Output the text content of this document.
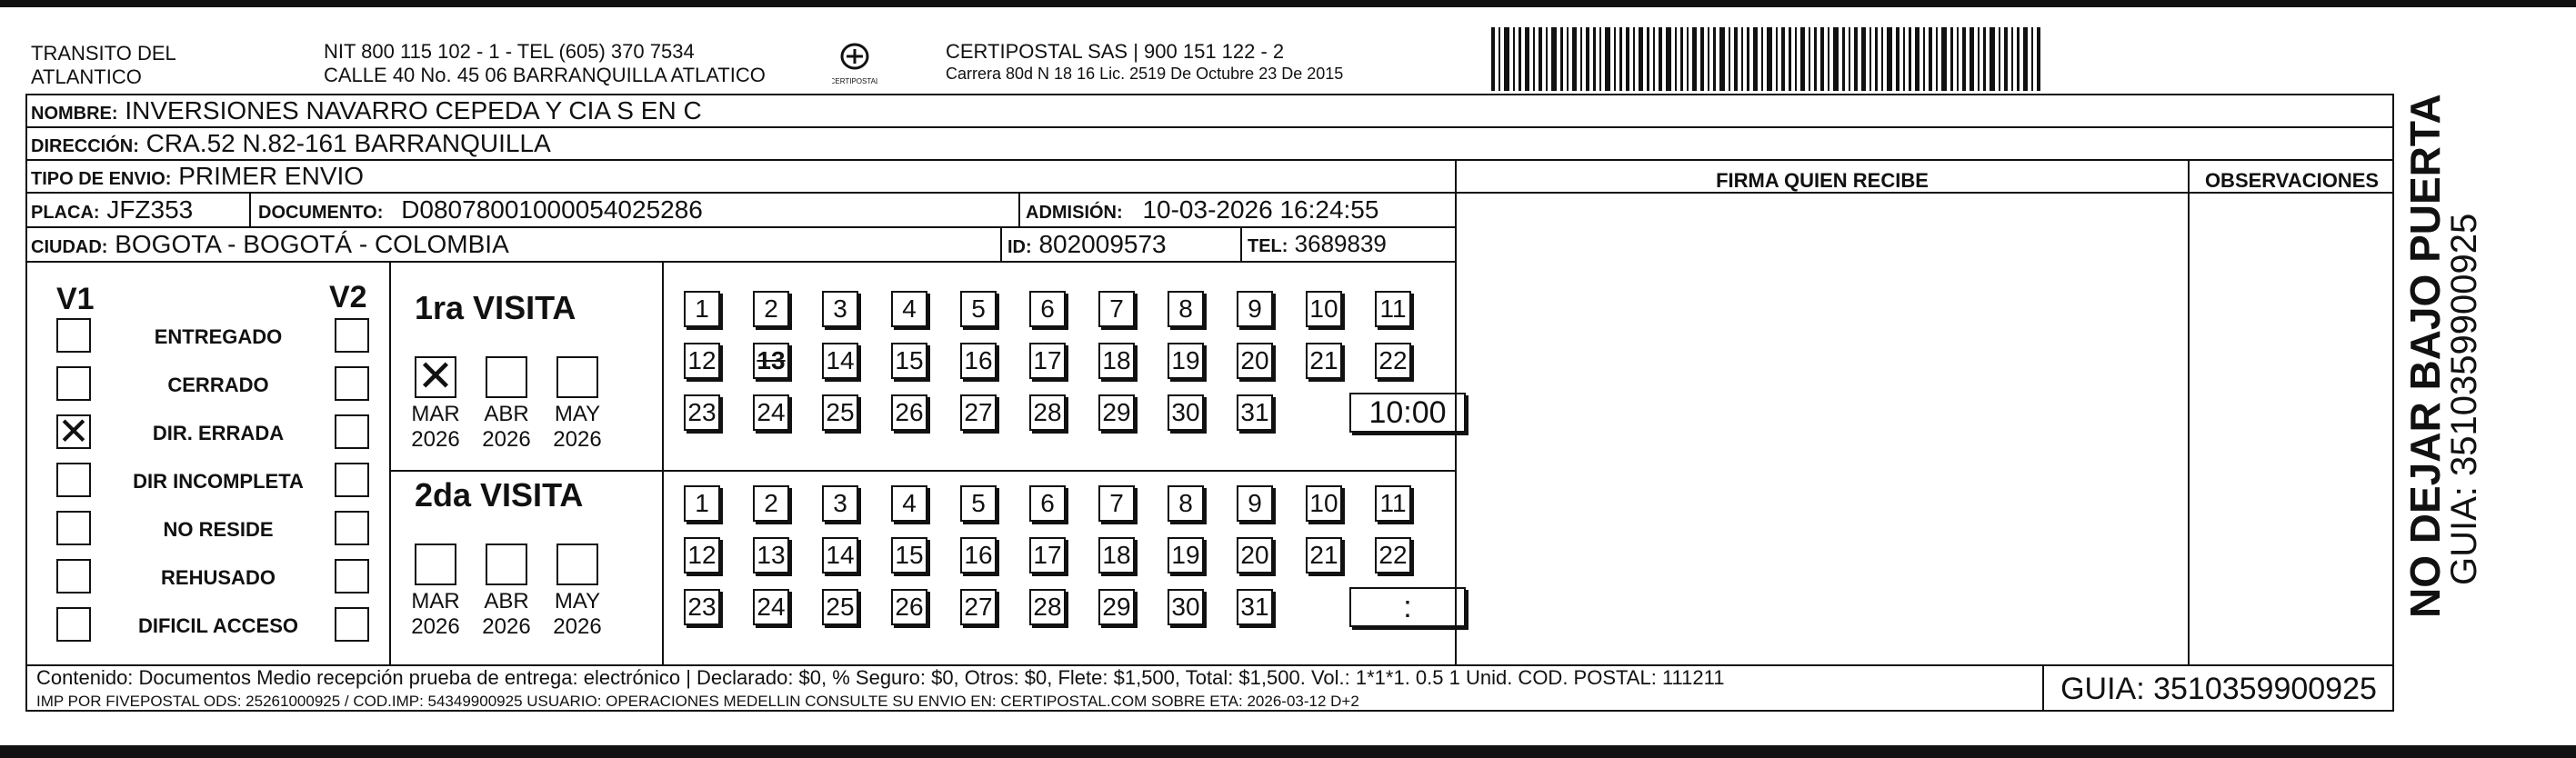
TRANSITO DEL
ATLANTICO
NIT 800 115 102 - 1 - TEL (605) 370 7534
CALLE 40 No. 45 06 BARRANQUILLA ATLATICO	CERTIPOSTAL
CERTIPOSTAL SAS | 900 151 122 - 2
Carrera 80d N 18 16 Lic. 2519 De Octubre 23 De 2015
NOMBRE: INVERSIONES NAVARRO CEPEDA Y CIA S EN C
DIRECCIÓN: CRA.52 N.82-161 BARRANQUILLA
TIPO DE ENVIO: PRIMER ENVIO
PLACA: JFZ353	DOCUMENTO: D08078001000054025286	ADMISIÓN: 10-03-2026 16:24:55
CIUDAD: BOGOTA - BOGOTÁ - COLOMBIA	ID: 802009573	TEL: 3689839
FIRMA QUIEN RECIBE	OBSERVACIONES
V1	V2
ENTREGADO
CERRADO
✕	DIR. ERRADA
DIR INCOMPLETA
NO RESIDE
REHUSADO
DIFICIL ACCESO
1ra VISITA
2da VISITA
✕
MAR
2026
ABR
2026
MAY
2026
MAR
2026
ABR
2026
MAY
2026
1	2	3	4	5	6	7	8	9	10 11
12 13 14 15 16 17 18 19 20 21 22
23 24 25 26 27 28 29 30 31	10:00
1	2	3	4	5	6	7	8	9	10 11
12 13 14 15 16 17 18 19 20 21 22
23 24 25 26 27 28 29 30 31	:
Contenido: Documentos Medio recepción prueba de entrega: electrónico | Declarado: $0, % Seguro: $0, Otros: $0, Flete: $1,500, Total: $1,500. Vol.: 1*1*1. 0.5 1 Unid. COD. POSTAL: 111211
IMP POR FIVEPOSTAL ODS: 25261000925 / COD.IMP: 54349900925 USUARIO: OPERACIONES MEDELLIN CONSULTE SU ENVIO EN: CERTIPOSTAL.COM SOBRE ETA: 2026-03-12 D+2	GUIA: 3510359900925
NO DEJAR BAJO PUERTA
GUIA: 3510359900925
